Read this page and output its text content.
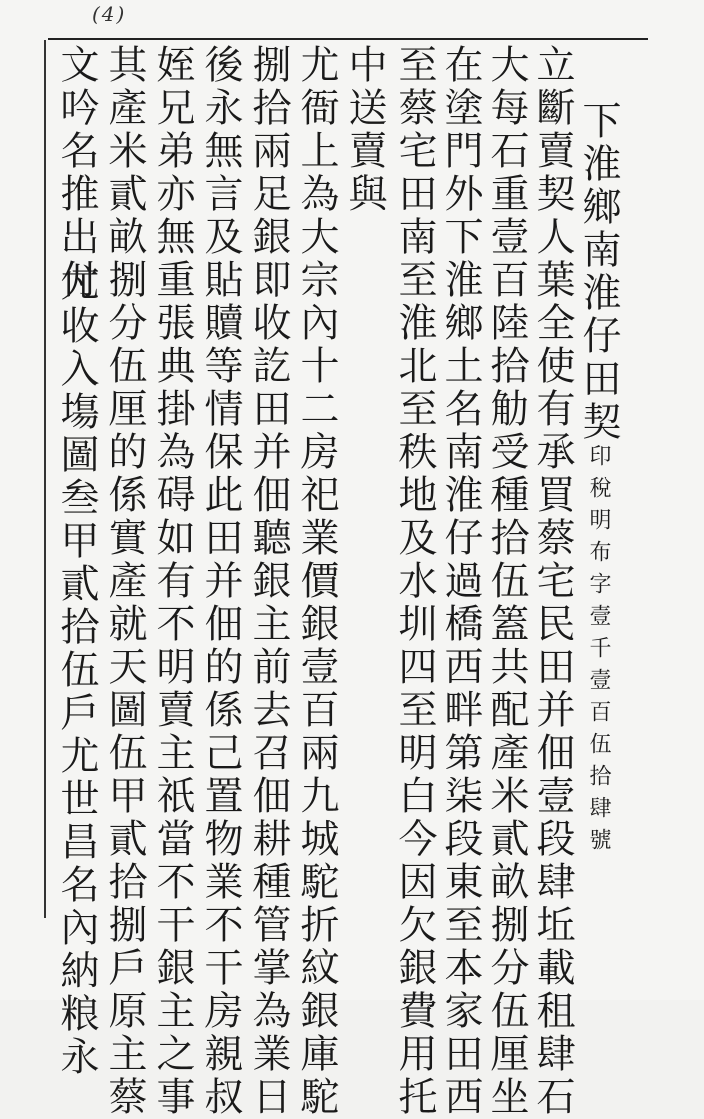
(4)
下淮鄉南淮仔田契印稅明布字壹千壹百伍拾肆號
立斷賣契人葉全使有承買蔡宅民田并佃壹段肆坵載租肆石
大每石重壹百陸拾觔受種拾伍篕共配產米貳畝捌分伍厘坐
在塗門外下淮鄉土名南淮仔過橋西畔第柒段東至本家田西
至蔡宅田南至淮北至秩地及水圳四至明白今因欠銀費用托
中送賣與
尤衙上為大宗內十二房祀業價銀壹百兩九城駝折紋銀庫駝
捌拾兩足銀即收訖田并佃聽銀主前去召佃耕種管掌為業日
後永無言及貼贖等情保此田并佃的係己置物業不干房親叔
姪兄弟亦無重張典掛為碍如有不明賣主祇當不干銀主之事
其產米貳畝捌分伍厘的係實產就天圖伍甲貳拾捌戶原主蔡
文吟名推出付
尤收入塲圖叁甲貳拾伍戶尤世昌名內納粮永
